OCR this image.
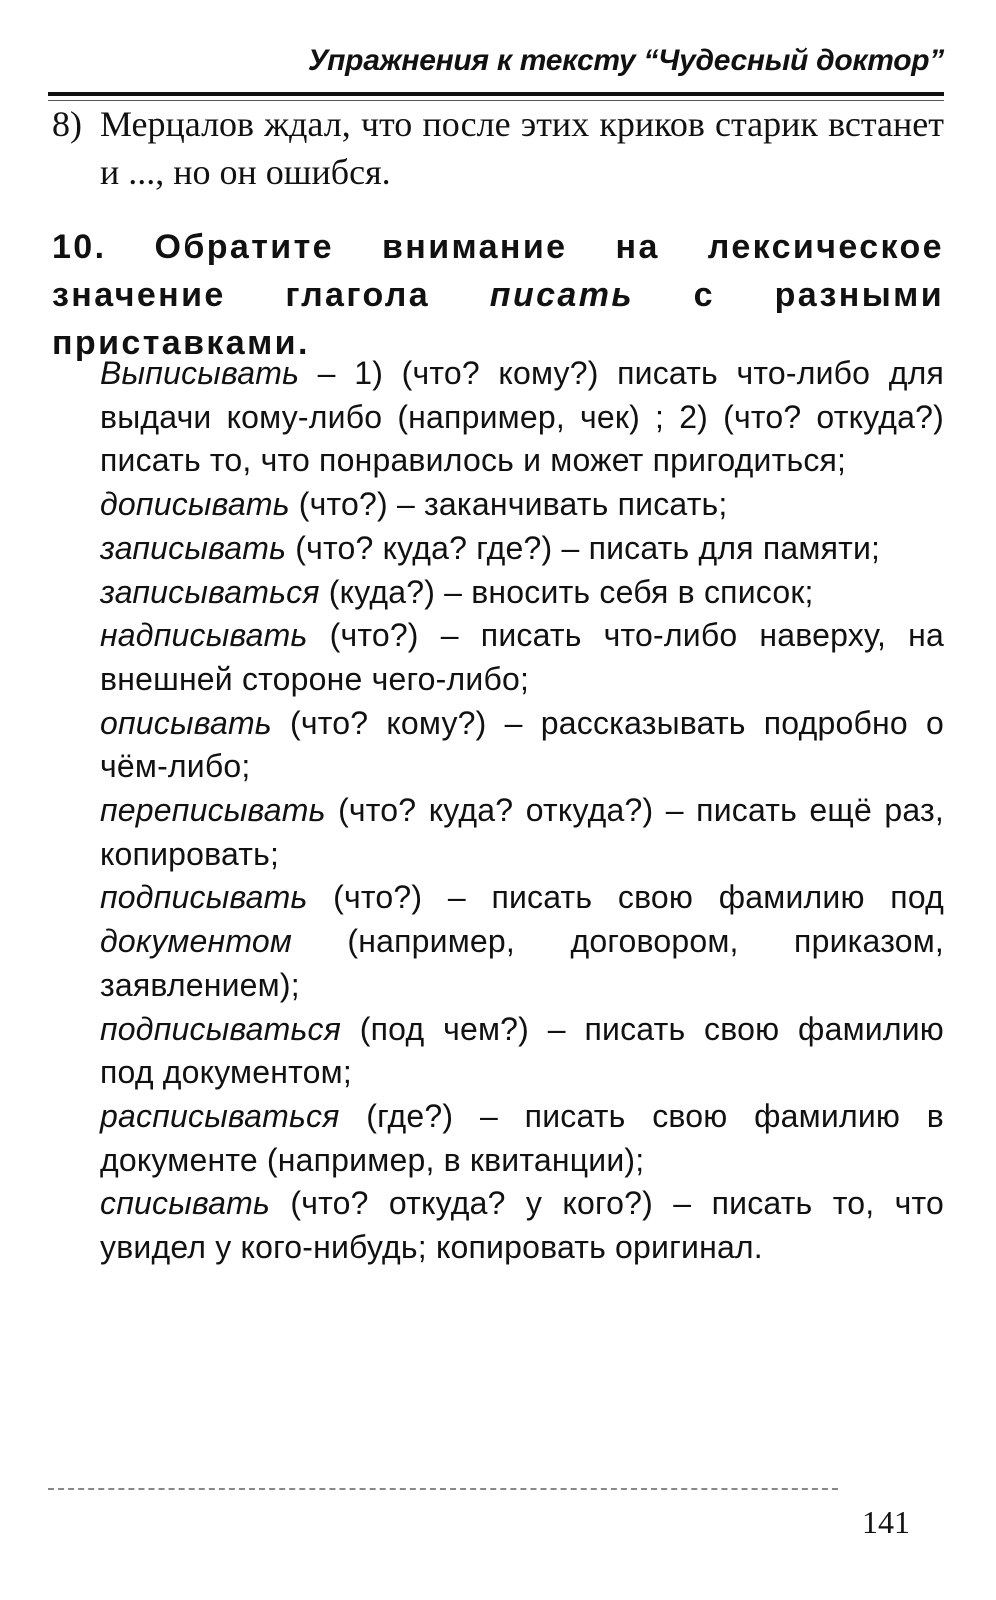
Упражнения к тексту “Чудесный доктор”
8) Мерцалов ждал, что после этих криков старик встанет и ..., но он ошибся.
10. Обратите внимание на лексическое значение глагола писать с разными приставками.

Выписывать – 1) (что? кому?) писать что-либо для выдачи кому-либо (например, чек) ; 2) (что? откуда?) писать то, что понравилось и может пригодиться;

дописывать (что?) – заканчивать писать;

записывать (что? куда? где?) – писать для памяти;

записываться (куда?) – вносить себя в список;

надписывать (что?) – писать что-либо наверху, на внешней стороне чего-либо;

описывать (что? кому?) – рассказывать подробно о чём-либо;

переписывать (что? куда? откуда?) – писать ещё раз, копировать;

подписывать (что?) – писать свою фамилию под документом (например, договором, приказом, заявлением);

подписываться (под чем?) – писать свою фамилию под документом;

расписываться (где?) – писать свою фамилию в документе (например, в квитанции);

списывать (что? откуда? у кого?) – писать то, что увидел у кого-нибудь; копировать оригинал.

141
